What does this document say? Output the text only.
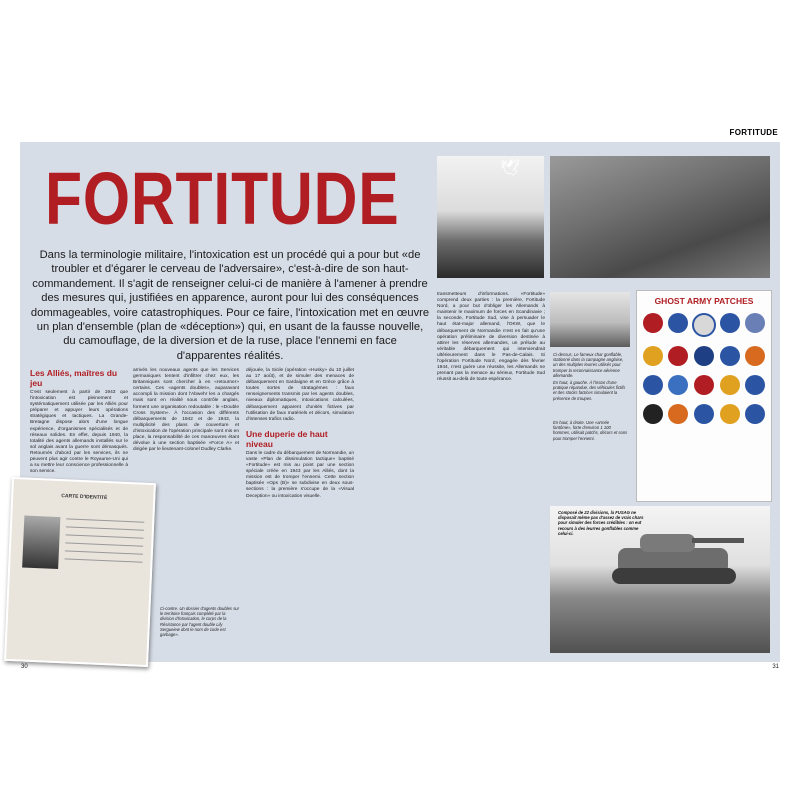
FORTITUDE
FORTITUDE
Dans la terminologie militaire, l'intoxication est un procédé qui a pour but «de troubler et d'égarer le cerveau de l'adversaire», c'est-à-dire de son haut-commandement. Il s'agit de renseigner celui-ci de manière à l'amener à prendre des mesures qui, justifiées en apparence, auront pour lui des conséquences dommageables, voire catastrophiques. Pour ce faire, l'intoxication met en œuvre un plan d'ensemble (plan de «déception») qui, en usant de la fausse nouvelle, du camouflage, de la diversion et de la ruse, place l'ennemi en face d'apparentes réalités.
Les Alliés, maîtres du jeu

C'est seulement à partir de 1943 que l'intoxication est pleinement et systématiquement utilisée par les Alliés pour préparer et appuyer leurs opérations stratégiques et tactiques. La Grande-Bretagne dispose alors d'une longue expérience, d'organismes spécialisés et de réseaux solides. En effet, depuis 1940, la totalité des agents allemands installés sur le sol anglais avant la guerre sont démasqués. Retournés d'abord par les services, ils ne peuvent plus agir contre le Royaume-Uni qui a su mettre leur conscience professionnelle à son service.

arrivés les nouveaux agents que les Services germaniques tentent d'infiltrer chez eux, les Britanniques sont chercher à en «retourner» certains. Ces «agents doubles», auparavant accompli la mission dont l'Abwehr les a chargés mais sont en réalité sous contrôle anglais, forment une organisation redoutable : le «Double Cross System». À l'occasion des différents débarquements de 1942 et de 1943, la multiplicité des plans de couverture et d'intoxication de l'opération principale sont mis en place, la responsabilité de ces manœuvres étant dévolue à une section baptisée «Force A» et dirigée par le lieutenant-colonel Dudley Clarke.

déjouée, la Sicile (opération «Husky» du 10 juillet au 17 août), et de simuler des menaces de débarquement en Sardaigne et en Grèce grâce à toutes sortes de stratagèmes : faux renseignements transmis par les agents doubles, niveaux diplomatiques, intoxications calculées, débarquement apparent d'unités fictives par l'utilisation de faux matériels et décors, simulation d'intenses trafics radio.

Une duperie de haut niveau

Dans le cadre du débarquement de Normandie, un vaste «Plan de dissimulation tactique» baptisé «Fortitude» est mis au point par une section spéciale créée en 1943 par les Alliés, dont la mission est de tromper l'ennemi. Cette section baptisée «Ops (B)» se subdivise en deux sous-sections : la première s'occupe de la «Visual Deception» ou intoxication visuelle.

transmetteurs d'informations. «Fortitude» comprend deux parties : la première, Fortitude Nord, a pour but d'obliger les Allemands à maintenir le maximum de forces en Scandinavie ; la seconde, Fortitude Sud, vise à persuader le haut état-major allemand, l'OKW, que le débarquement de Normandie n'est en fait qu'une opération préliminaire de diversion destinée à attirer les réserves allemandes, un prélude au véritable débarquement qui interviendrait ultérieurement dans le Pas-de-Calais. Si l'opération Fortitude Nord, engagée dès février 1944, n'est guère une réussite, les Allemands ne prenant pas la menace au sérieux, Fortitude Sud réussit au-delà de toute espérance.

🕊
Ci-dessus, Le fameux char gonflable, stationné dans la campagne anglaise, un des multiples leurres utilisés pour tromper la reconnaissance aérienne allemande.
En haut, à gauche. À l'instar d'une pratique répandue, des véhicules fictifs et des stocks factices simulaient la présence de troupes.
En haut, à droite. Une «armée fantôme», forte d'environ 1 100 hommes, utilisait patchs, décors et sons pour tromper l'ennemi.
GHOST ARMY PATCHES
Composé de 22 divisions, la FUSAG ne disposait même pas d'assez de vrais chars pour simuler des forces crédibles : on eut recours à des leurres gonflables comme celui-ci.
CARTE D'IDENTITÉ
Ci-contre. Un dossier d'agents doubles sur le territoire français complété par la division d'intoxication, le corps de la Résistance par l'agent double Lily Sergueiew dont le nom de code est garbage».
30	31
